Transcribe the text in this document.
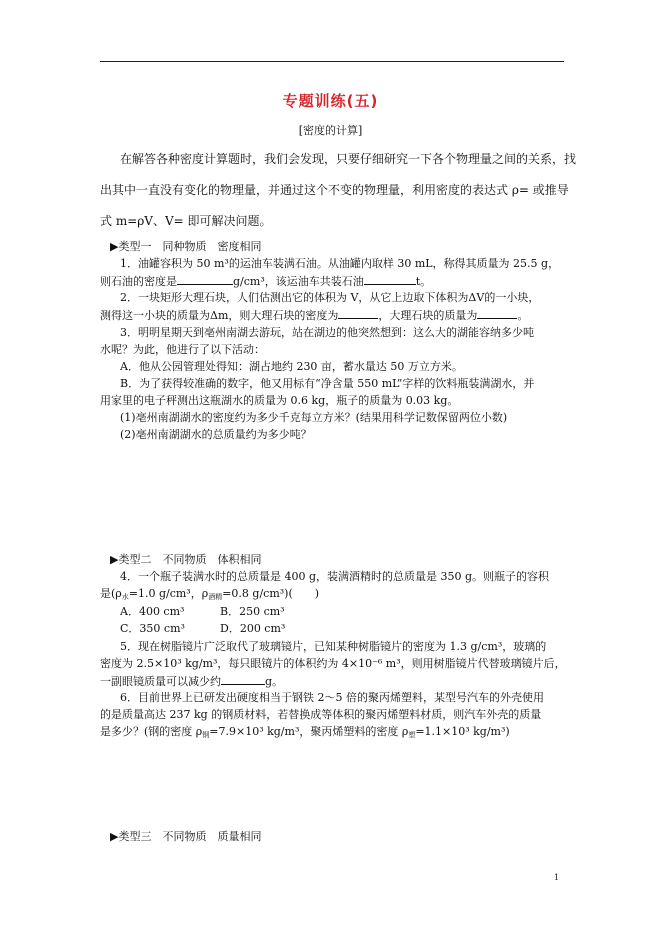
专题训练(五)
[密度的计算]
在解答各种密度计算题时，我们会发现，只要仔细研究一下各个物理量之间的关系，找
出其中一直没有变化的物理量，并通过这个不变的物理量，利用密度的表达式 ρ= 或推导
式 m=ρV、V= 即可解决问题。
▶类型一　同种物质　密度相同
1．油罐容积为 50 m³的运油车装满石油。从油罐内取样 30 mL，称得其质量为 25.5 g，
则石油的密度是	g/cm³，该运油车共装石油	t。
2．一块矩形大理石块，人们估测出它的体积为 V，从它上边取下体积为ΔV的一小块，
测得这一小块的质量为Δm，则大理石块的密度为	，大理石块的质量为	。
3．明明星期天到亳州南湖去游玩，站在湖边的他突然想到：这么大的湖能容纳多少吨
水呢？为此，他进行了以下活动：
A．他从公园管理处得知：湖占地约 230 亩，蓄水量达 50 万立方米。
B．为了获得较准确的数字，他又用标有“净含量 550 mL”字样的饮料瓶装满湖水，并
用家里的电子秤测出这瓶湖水的质量为 0.6 kg，瓶子的质量为 0.03 kg。
(1)亳州南湖湖水的密度约为多少千克每立方米？(结果用科学记数保留两位小数)
(2)亳州南湖湖水的总质量约为多少吨？
▶类型二　不同物质　体积相同
4．一个瓶子装满水时的总质量是 400 g，装满酒精时的总质量是 350 g。则瓶子的容积
是($\rho_水=1.0$ g/cm³，$\rho_{酒精}=0.8$ g/cm³)(　　)
A．400 cm³	B．250 cm³
C．350 cm³	D．200 cm³
5．现在树脂镜片广泛取代了玻璃镜片，已知某种树脂镜片的密度为 1.3 g/cm³，玻璃的
密度为 2.5×10³ kg/m³，每只眼镜片的体积约为 4×10⁻⁶ m³，则用树脂镜片代替玻璃镜片后，
一副眼镜质量可以减少约	g。
6．目前世界上已研发出硬度相当于钢铁 2～5 倍的聚丙烯塑料，某型号汽车的外壳使用
的是质量高达 237 kg 的钢质材料，若替换成等体积的聚丙烯塑料材质，则汽车外壳的质量
是多少？(钢的密度 $\rho_钢=7.9\times 10^3$ kg/m³，聚丙烯塑料的密度 $\rho_塑=1.1\times 10^3$ kg/m³)
▶类型三　不同物质　质量相同
1
